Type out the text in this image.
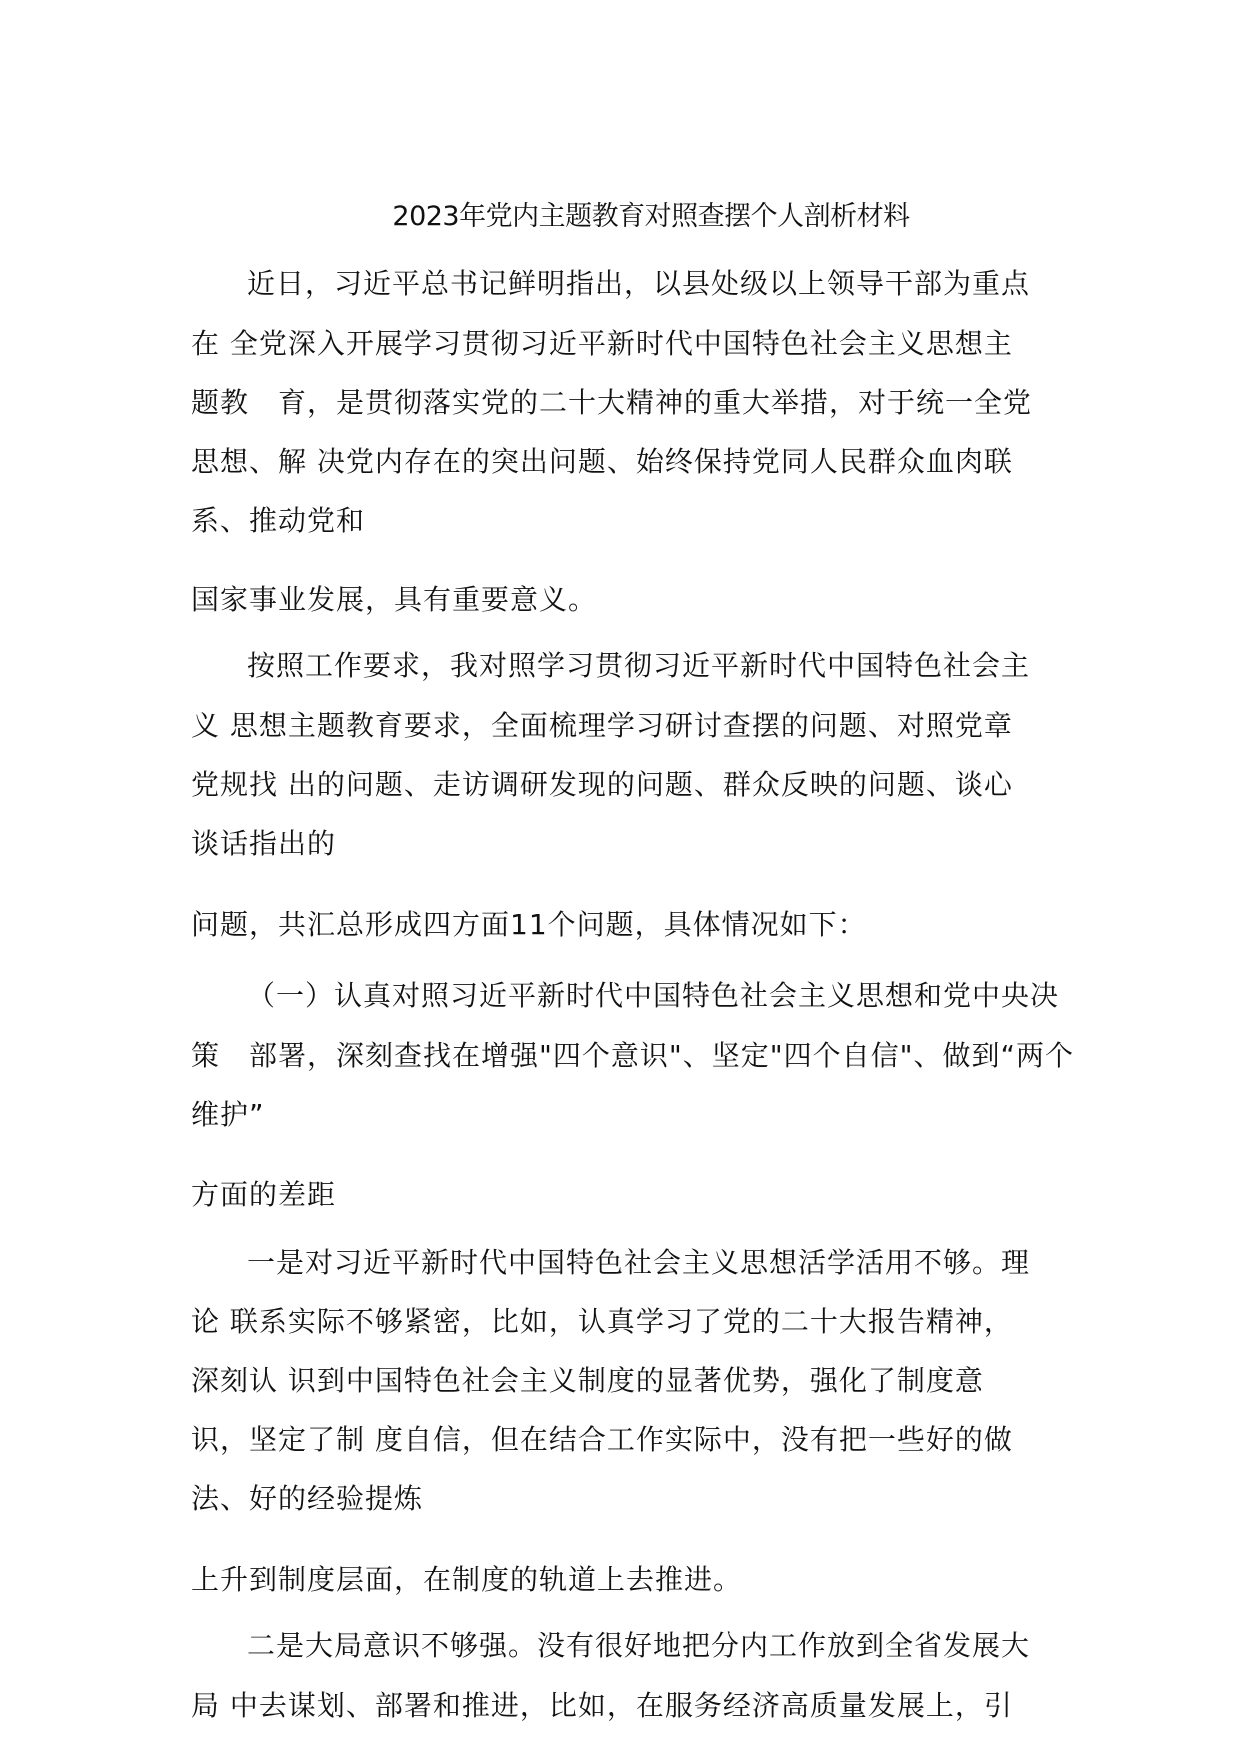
2023年党内主题教育对照查摆个人剖析材料
近日，习近平总书记鲜明指出，以县处级以上领导干部为重点
在 全党深入开展学习贯彻习近平新时代中国特色社会主义思想主
题教　育，是贯彻落实党的二十大精神的重大举措，对于统一全党
思想、解 决党内存在的突出问题、始终保持党同人民群众血肉联
系、推动党和
国家事业发展，具有重要意义。
按照工作要求，我对照学习贯彻习近平新时代中国特色社会主
义 思想主题教育要求，全面梳理学习研讨查摆的问题、对照党章
党规找 出的问题、走访调研发现的问题、群众反映的问题、谈心
谈话指出的
问题，共汇总形成四方面11个问题，具体情况如下：
（一）认真对照习近平新时代中国特色社会主义思想和党中央决
策　部署，深刻查找在增强"四个意识"、坚定"四个自信"、做到“两个
维护”
方面的差距
一是对习近平新时代中国特色社会主义思想活学活用不够。理
论 联系实际不够紧密，比如，认真学习了党的二十大报告精神，
深刻认 识到中国特色社会主义制度的显著优势，强化了制度意
识，坚定了制 度自信，但在结合工作实际中，没有把一些好的做
法、好的经验提炼
上升到制度层面，在制度的轨道上去推进。
二是大局意识不够强。没有很好地把分内工作放到全省发展大
局 中去谋划、部署和推进，比如，在服务经济高质量发展上，引
